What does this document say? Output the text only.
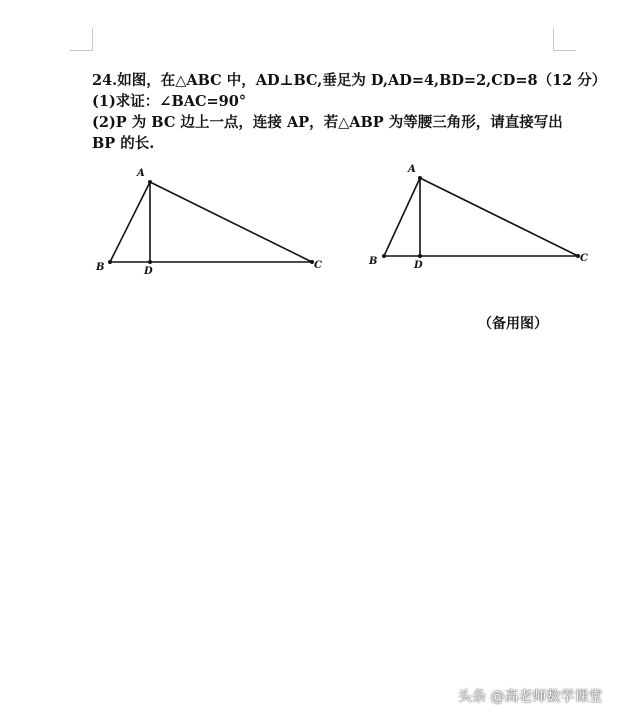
24.如图，在△ABC 中，AD⊥BC,垂足为 D,AD=4,BD=2,CD=8（12 分）
(1)求证：∠BAC=90°
(2)P 为 BC 边上一点，连接 AP，若△ABP 为等腰三角形，请直接写出
BP 的长.
A
B	C
D
A
B	C
D
（备用图）
头条 @高老师数学课堂
